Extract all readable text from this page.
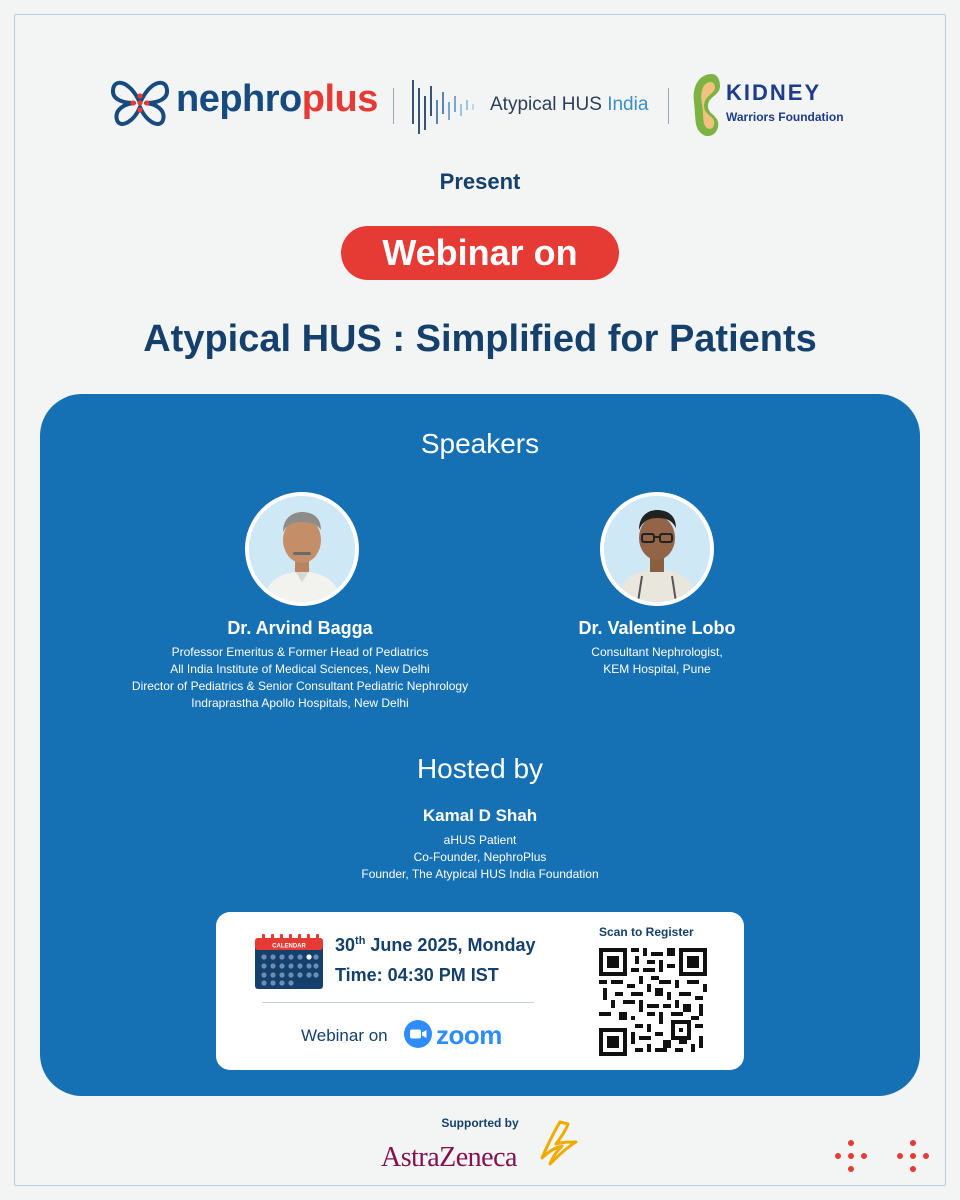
nephroplus	Atypical HUS India	KIDNEY
Warriors Foundation
Present
Webinar on
Atypical HUS : Simplified for Patients
Speakers
Dr. Arvind Bagga
Professor Emeritus & Former Head of Pediatrics
All India Institute of Medical Sciences, New Delhi
Director of Pediatrics & Senior Consultant Pediatric Nephrology
Indraprastha Apollo Hospitals, New Delhi
Dr. Valentine Lobo
Consultant Nephrologist,
KEM Hospital, Pune
Hosted by
Kamal D Shah
aHUS Patient
Co-Founder, NephroPlus
Founder, The Atypical HUS India Foundation
CALENDAR 30th June 2025, Monday
Time: 04:30 PM IST
Webinar on zoom
Scan to Register
Supported by
AstraZeneca
